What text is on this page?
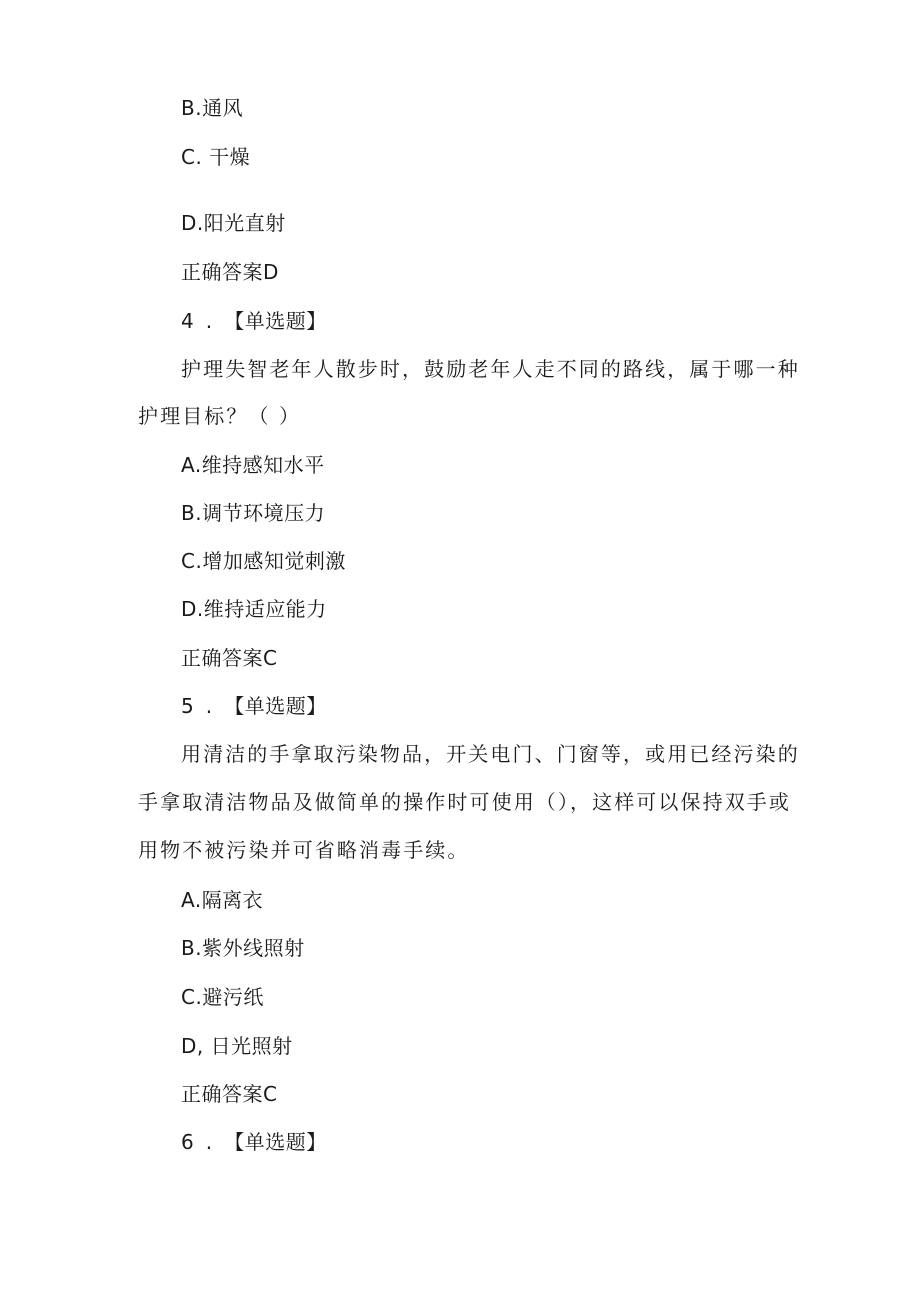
B.通风
C. 干燥
D.阳光直射
正确答案D
4 . 【单选题】
护理失智老年人散步时，鼓励老年人走不同的路线，属于哪一种
护理目标？（ ）
A.维持感知水平
B.调节环境压力
C.增加感知觉刺激
D.维持适应能力
正确答案C
5 . 【单选题】
用清洁的手拿取污染物品，开关电门、门窗等，或用已经污染的
手拿取清洁物品及做简单的操作时可使用（），这样可以保持双手或
用物不被污染并可省略消毒手续。
A.隔离衣
B.紫外线照射
C.避污纸
D, 日光照射
正确答案C
6 . 【单选题】
